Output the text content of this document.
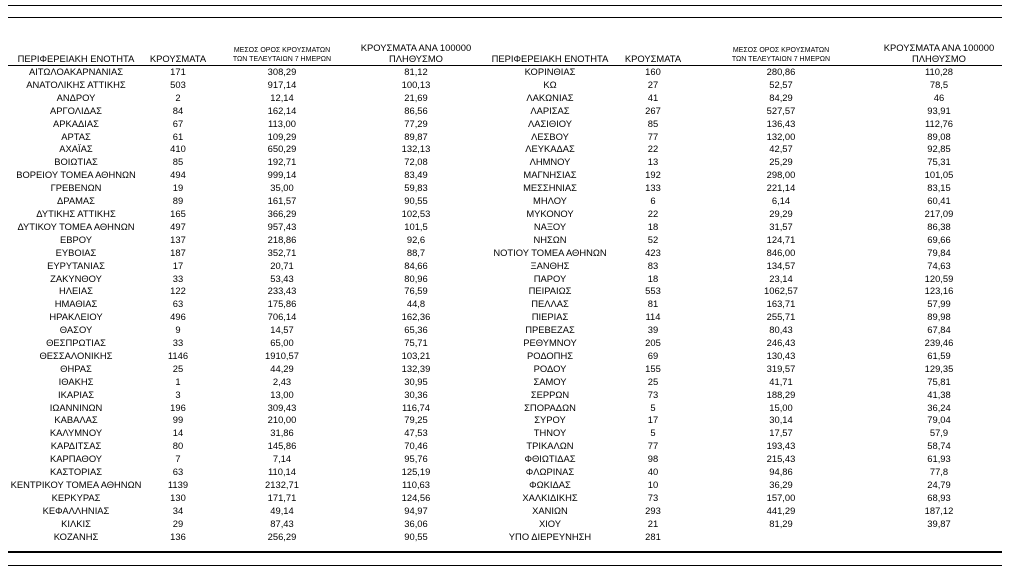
ΠΕΡΙΦΕΡΕΙΑΚΗ ΕΝΟΤΗΤΑ	ΚΡΟΥΣΜΑΤΑ	ΜΕΣΟΣ ΟΡΟΣ ΚΡΟΥΣΜΑΤΩΝ
ΤΩΝ ΤΕΛΕΥΤΑΙΩΝ 7 ΗΜΕΡΩΝ	ΚΡΟΥΣΜΑΤΑ ΑΝΑ 100000
ΠΛΗΘΥΣΜΟ	ΠΕΡΙΦΕΡΕΙΑΚΗ ΕΝΟΤΗΤΑ	ΚΡΟΥΣΜΑΤΑ	ΜΕΣΟΣ ΟΡΟΣ ΚΡΟΥΣΜΑΤΩΝ
ΤΩΝ ΤΕΛΕΥΤΑΙΩΝ 7 ΗΜΕΡΩΝ	ΚΡΟΥΣΜΑΤΑ ΑΝΑ 100000
ΠΛΗΘΥΣΜΟ
ΑΙΤΩΛΟΑΚΑΡΝΑΝΙΑΣ	171	308,29	81,12	ΚΟΡΙΝΘΙΑΣ	160	280,86	110,28
ΑΝΑΤΟΛΙΚΗΣ ΑΤΤΙΚΗΣ	503	917,14	100,13	ΚΩ	27	52,57	78,5
ΑΝΔΡΟΥ	2	12,14	21,69	ΛΑΚΩΝΙΑΣ	41	84,29	46
ΑΡΓΟΛΙΔΑΣ	84	162,14	86,56	ΛΑΡΙΣΑΣ	267	527,57	93,91
ΑΡΚΑΔΙΑΣ	67	113,00	77,29	ΛΑΣΙΘΙΟΥ	85	136,43	112,76
ΑΡΤΑΣ	61	109,29	89,87	ΛΕΣΒΟΥ	77	132,00	89,08
ΑΧΑΪΑΣ	410	650,29	132,13	ΛΕΥΚΑΔΑΣ	22	42,57	92,85
ΒΟΙΩΤΙΑΣ	85	192,71	72,08	ΛΗΜΝΟΥ	13	25,29	75,31
ΒΟΡΕΙΟΥ ΤΟΜΕΑ ΑΘΗΝΩΝ	494	999,14	83,49	ΜΑΓΝΗΣΙΑΣ	192	298,00	101,05
ΓΡΕΒΕΝΩΝ	19	35,00	59,83	ΜΕΣΣΗΝΙΑΣ	133	221,14	83,15
ΔΡΑΜΑΣ	89	161,57	90,55	ΜΗΛΟΥ	6	6,14	60,41
ΔΥΤΙΚΗΣ ΑΤΤΙΚΗΣ	165	366,29	102,53	ΜΥΚΟΝΟΥ	22	29,29	217,09
ΔΥΤΙΚΟΥ ΤΟΜΕΑ ΑΘΗΝΩΝ	497	957,43	101,5	ΝΑΞΟΥ	18	31,57	86,38
ΕΒΡΟΥ	137	218,86	92,6	ΝΗΣΩΝ	52	124,71	69,66
ΕΥΒΟΙΑΣ	187	352,71	88,7	ΝΟΤΙΟΥ ΤΟΜΕΑ ΑΘΗΝΩΝ	423	846,00	79,84
ΕΥΡΥΤΑΝΙΑΣ	17	20,71	84,66	ΞΑΝΘΗΣ	83	134,57	74,63
ΖΑΚΥΝΘΟΥ	33	53,43	80,96	ΠΑΡΟΥ	18	23,14	120,59
ΗΛΕΙΑΣ	122	233,43	76,59	ΠΕΙΡΑΙΩΣ	553	1062,57	123,16
ΗΜΑΘΙΑΣ	63	175,86	44,8	ΠΕΛΛΑΣ	81	163,71	57,99
ΗΡΑΚΛΕΙΟΥ	496	706,14	162,36	ΠΙΕΡΙΑΣ	114	255,71	89,98
ΘΑΣΟΥ	9	14,57	65,36	ΠΡΕΒΕΖΑΣ	39	80,43	67,84
ΘΕΣΠΡΩΤΙΑΣ	33	65,00	75,71	ΡΕΘΥΜΝΟΥ	205	246,43	239,46
ΘΕΣΣΑΛΟΝΙΚΗΣ	1146	1910,57	103,21	ΡΟΔΟΠΗΣ	69	130,43	61,59
ΘΗΡΑΣ	25	44,29	132,39	ΡΟΔΟΥ	155	319,57	129,35
ΙΘΑΚΗΣ	1	2,43	30,95	ΣΑΜΟΥ	25	41,71	75,81
ΙΚΑΡΙΑΣ	3	13,00	30,36	ΣΕΡΡΩΝ	73	188,29	41,38
ΙΩΑΝΝΙΝΩΝ	196	309,43	116,74	ΣΠΟΡΑΔΩΝ	5	15,00	36,24
ΚΑΒΑΛΑΣ	99	210,00	79,25	ΣΥΡΟΥ	17	30,14	79,04
ΚΑΛΥΜΝΟΥ	14	31,86	47,53	ΤΗΝΟΥ	5	17,57	57,9
ΚΑΡΔΙΤΣΑΣ	80	145,86	70,46	ΤΡΙΚΑΛΩΝ	77	193,43	58,74
ΚΑΡΠΑΘΟΥ	7	7,14	95,76	ΦΘΙΩΤΙΔΑΣ	98	215,43	61,93
ΚΑΣΤΟΡΙΑΣ	63	110,14	125,19	ΦΛΩΡΙΝΑΣ	40	94,86	77,8
ΚΕΝΤΡΙΚΟΥ ΤΟΜΕΑ ΑΘΗΝΩΝ	1139	2132,71	110,63	ΦΩΚΙΔΑΣ	10	36,29	24,79
ΚΕΡΚΥΡΑΣ	130	171,71	124,56	ΧΑΛΚΙΔΙΚΗΣ	73	157,00	68,93
ΚΕΦΑΛΛΗΝΙΑΣ	34	49,14	94,97	ΧΑΝΙΩΝ	293	441,29	187,12
ΚΙΛΚΙΣ	29	87,43	36,06	ΧΙΟΥ	21	81,29	39,87
ΚΟΖΑΝΗΣ	136	256,29	90,55	ΥΠΟ ΔΙΕΡΕΥΝΗΣΗ	281		
